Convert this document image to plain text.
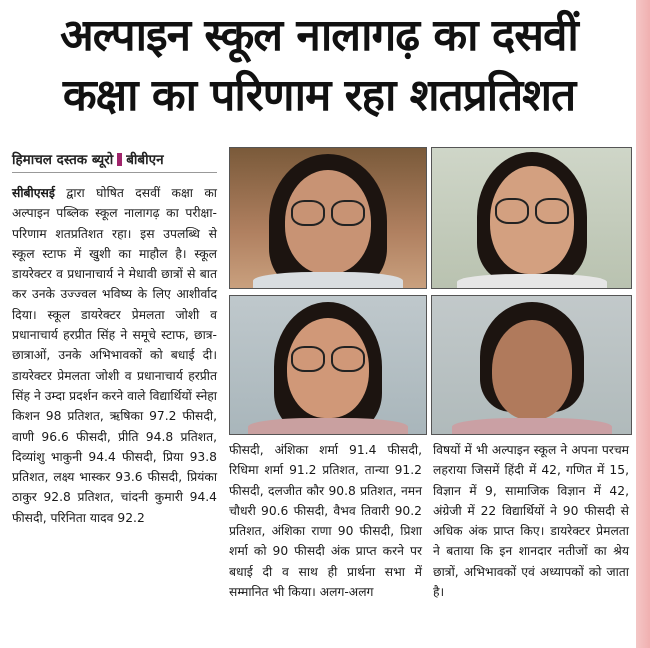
अल्पाइन स्कूल नालागढ़ का दसवीं
कक्षा का परिणाम रहा शतप्रतिशत
हिमाचल दस्तक ब्यूरो बीबीएन

सीबीएसई द्वारा घोषित दसवीं कक्षा का अल्पाइन पब्लिक स्कूल नालागढ़ का परीक्षा-परिणाम शतप्रतिशत रहा। इस उपलब्धि से स्कूल स्टाफ में खुशी का माहौल है। स्कूल डायरेक्टर व प्रधानाचार्य ने मेधावी छात्रों से बात कर उनके उज्ज्वल भविष्य के लिए आशीर्वाद दिया। स्कूल डायरेक्टर प्रेमलता जोशी व प्रधानाचार्य हरप्रीत सिंह ने समूचे स्टाफ, छात्र-छात्राओं, उनके अभिभावकों को बधाई दी। डायरेक्टर प्रेमलता जोशी व प्रधानाचार्य हरप्रीत सिंह ने उम्दा प्रदर्शन करने वाले विद्यार्थियों स्नेहा किशन 98 प्रतिशत, ऋषिका 97.2 फीसदी, वाणी 96.6 फीसदी, प्रीति 94.8 प्रतिशत, दिव्यांशु भाकुनी 94.4 फीसदी, प्रिया 93.8 प्रतिशत, लक्ष्य भास्कर 93.6 फीसदी, प्रियंका ठाकुर 92.8 प्रतिशत, चांदनी कुमारी 94.4 फीसदी, परिनिता यादव 92.2

फीसदी, अंशिका शर्मा 91.4 फीसदी, रिधिमा शर्मा 91.2 प्रतिशत, तान्या 91.2 फीसदी, दलजीत कौर 90.8 प्रतिशत, नमन चौधरी 90.6 फीसदी, वैभव तिवारी 90.2 प्रतिशत, अंशिका राणा 90 फीसदी, प्रिशा शर्मा को 90 फीसदी अंक प्राप्त करने पर बधाई दी व साथ ही प्रार्थना सभा में सम्मानित भी किया। अलग-अलग

विषयों में भी अल्पाइन स्कूल ने अपना परचम लहराया जिसमें हिंदी में 42, गणित में 15, विज्ञान में 9, सामाजिक विज्ञान में 42, अंग्रेजी में 22 विद्यार्थियों ने 90 फीसदी से अधिक अंक प्राप्त किए। डायरेक्टर प्रेमलता ने बताया कि इन शानदार नतीजों का श्रेय छात्रों, अभिभावकों एवं अध्यापकों को जाता है।
